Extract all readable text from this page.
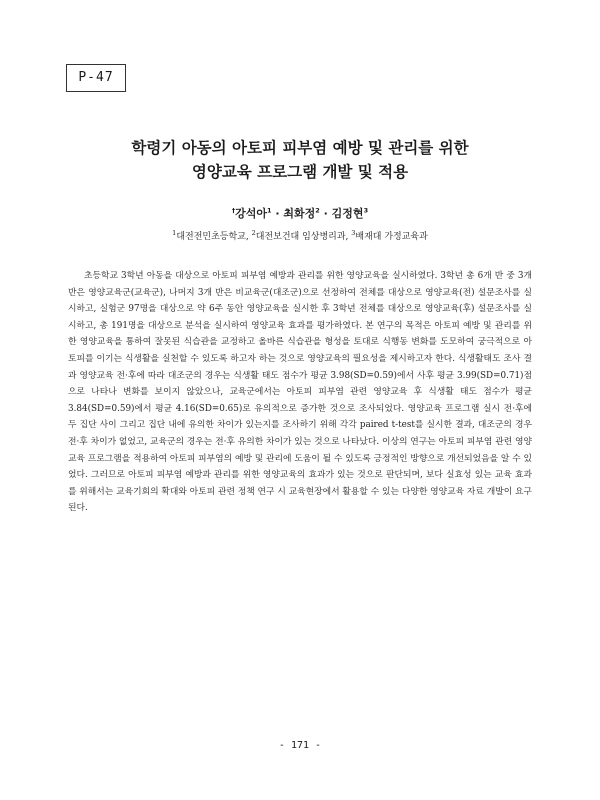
P-47
학령기 아동의 아토피 피부염 예방 및 관리를 위한
영양교육 프로그램 개발 및 적용
†강석아$^1$ · 최화정$^2$ · 김정현$^3$
$^1$대전전민초등학교, $^2$대전보건대 임상병리과, $^3$배재대 가정교육과

초등학교 3학년 아동을 대상으로 아토피 피부염 예방과 관리를 위한 영양교육을 실시하였다. 3학년 총 6개 반 중 3개 반은 영양교육군(교육군), 나머지 3개 반은 비교육군(대조군)으로 선정하여 전체를 대상으로 영양교육(전) 설문조사를 실시하고, 실험군 97명을 대상으로 약 6주 동안 영양교육을 실시한 후 3학년 전체를 대상으로 영양교육(후) 설문조사를 실시하고, 총 191명을 대상으로 분석을 실시하여 영양교육 효과를 평가하였다. 본 연구의 목적은 아토피 예방 및 관리를 위한 영양교육을 통하여 잘못된 식습관을 교정하고 올바른 식습관을 형성을 토대로 식행동 변화를 도모하여 궁극적으로 아토피를 이기는 식생활을 실천할 수 있도록 하고자 하는 것으로 영양교육의 필요성을 제시하고자 한다. 식생활태도 조사 결과 영양교육 전·후에 따라 대조군의 경우는 식생활 태도 점수가 평균 3.98(SD=0.59)에서 사후 평균 3.99(SD=0.71)점으로 나타나 변화를 보이지 않았으나, 교육군에서는 아토피 피부염 관련 영양교육 후 식생활 태도 점수가 평균 3.84(SD=0.59)에서 평균 4.16(SD=0.65)로 유의적으로 증가한 것으로 조사되었다. 영양교육 프로그램 실시 전·후에 두 집단 사이 그리고 집단 내에 유의한 차이가 있는지를 조사하기 위해 각각 paired t-test를 실시한 결과, 대조군의 경우 전·후 차이가 없었고, 교육군의 경우는 전·후 유의한 차이가 있는 것으로 나타났다. 이상의 연구는 아토피 피부염 관련 영양교육 프로그램을 적용하여 아토피 피부염의 예방 및 관리에 도움이 될 수 있도록 긍정적인 방향으로 개선되었음을 알 수 있었다. 그러므로 아토피 피부염 예방과 관리를 위한 영양교육의 효과가 있는 것으로 판단되며, 보다 실효성 있는 교육 효과를 위해서는 교육기회의 확대와 아토피 관련 정책 연구 시 교육현장에서 활용할 수 있는 다양한 영양교육 자료 개발이 요구된다.

- 171 -
